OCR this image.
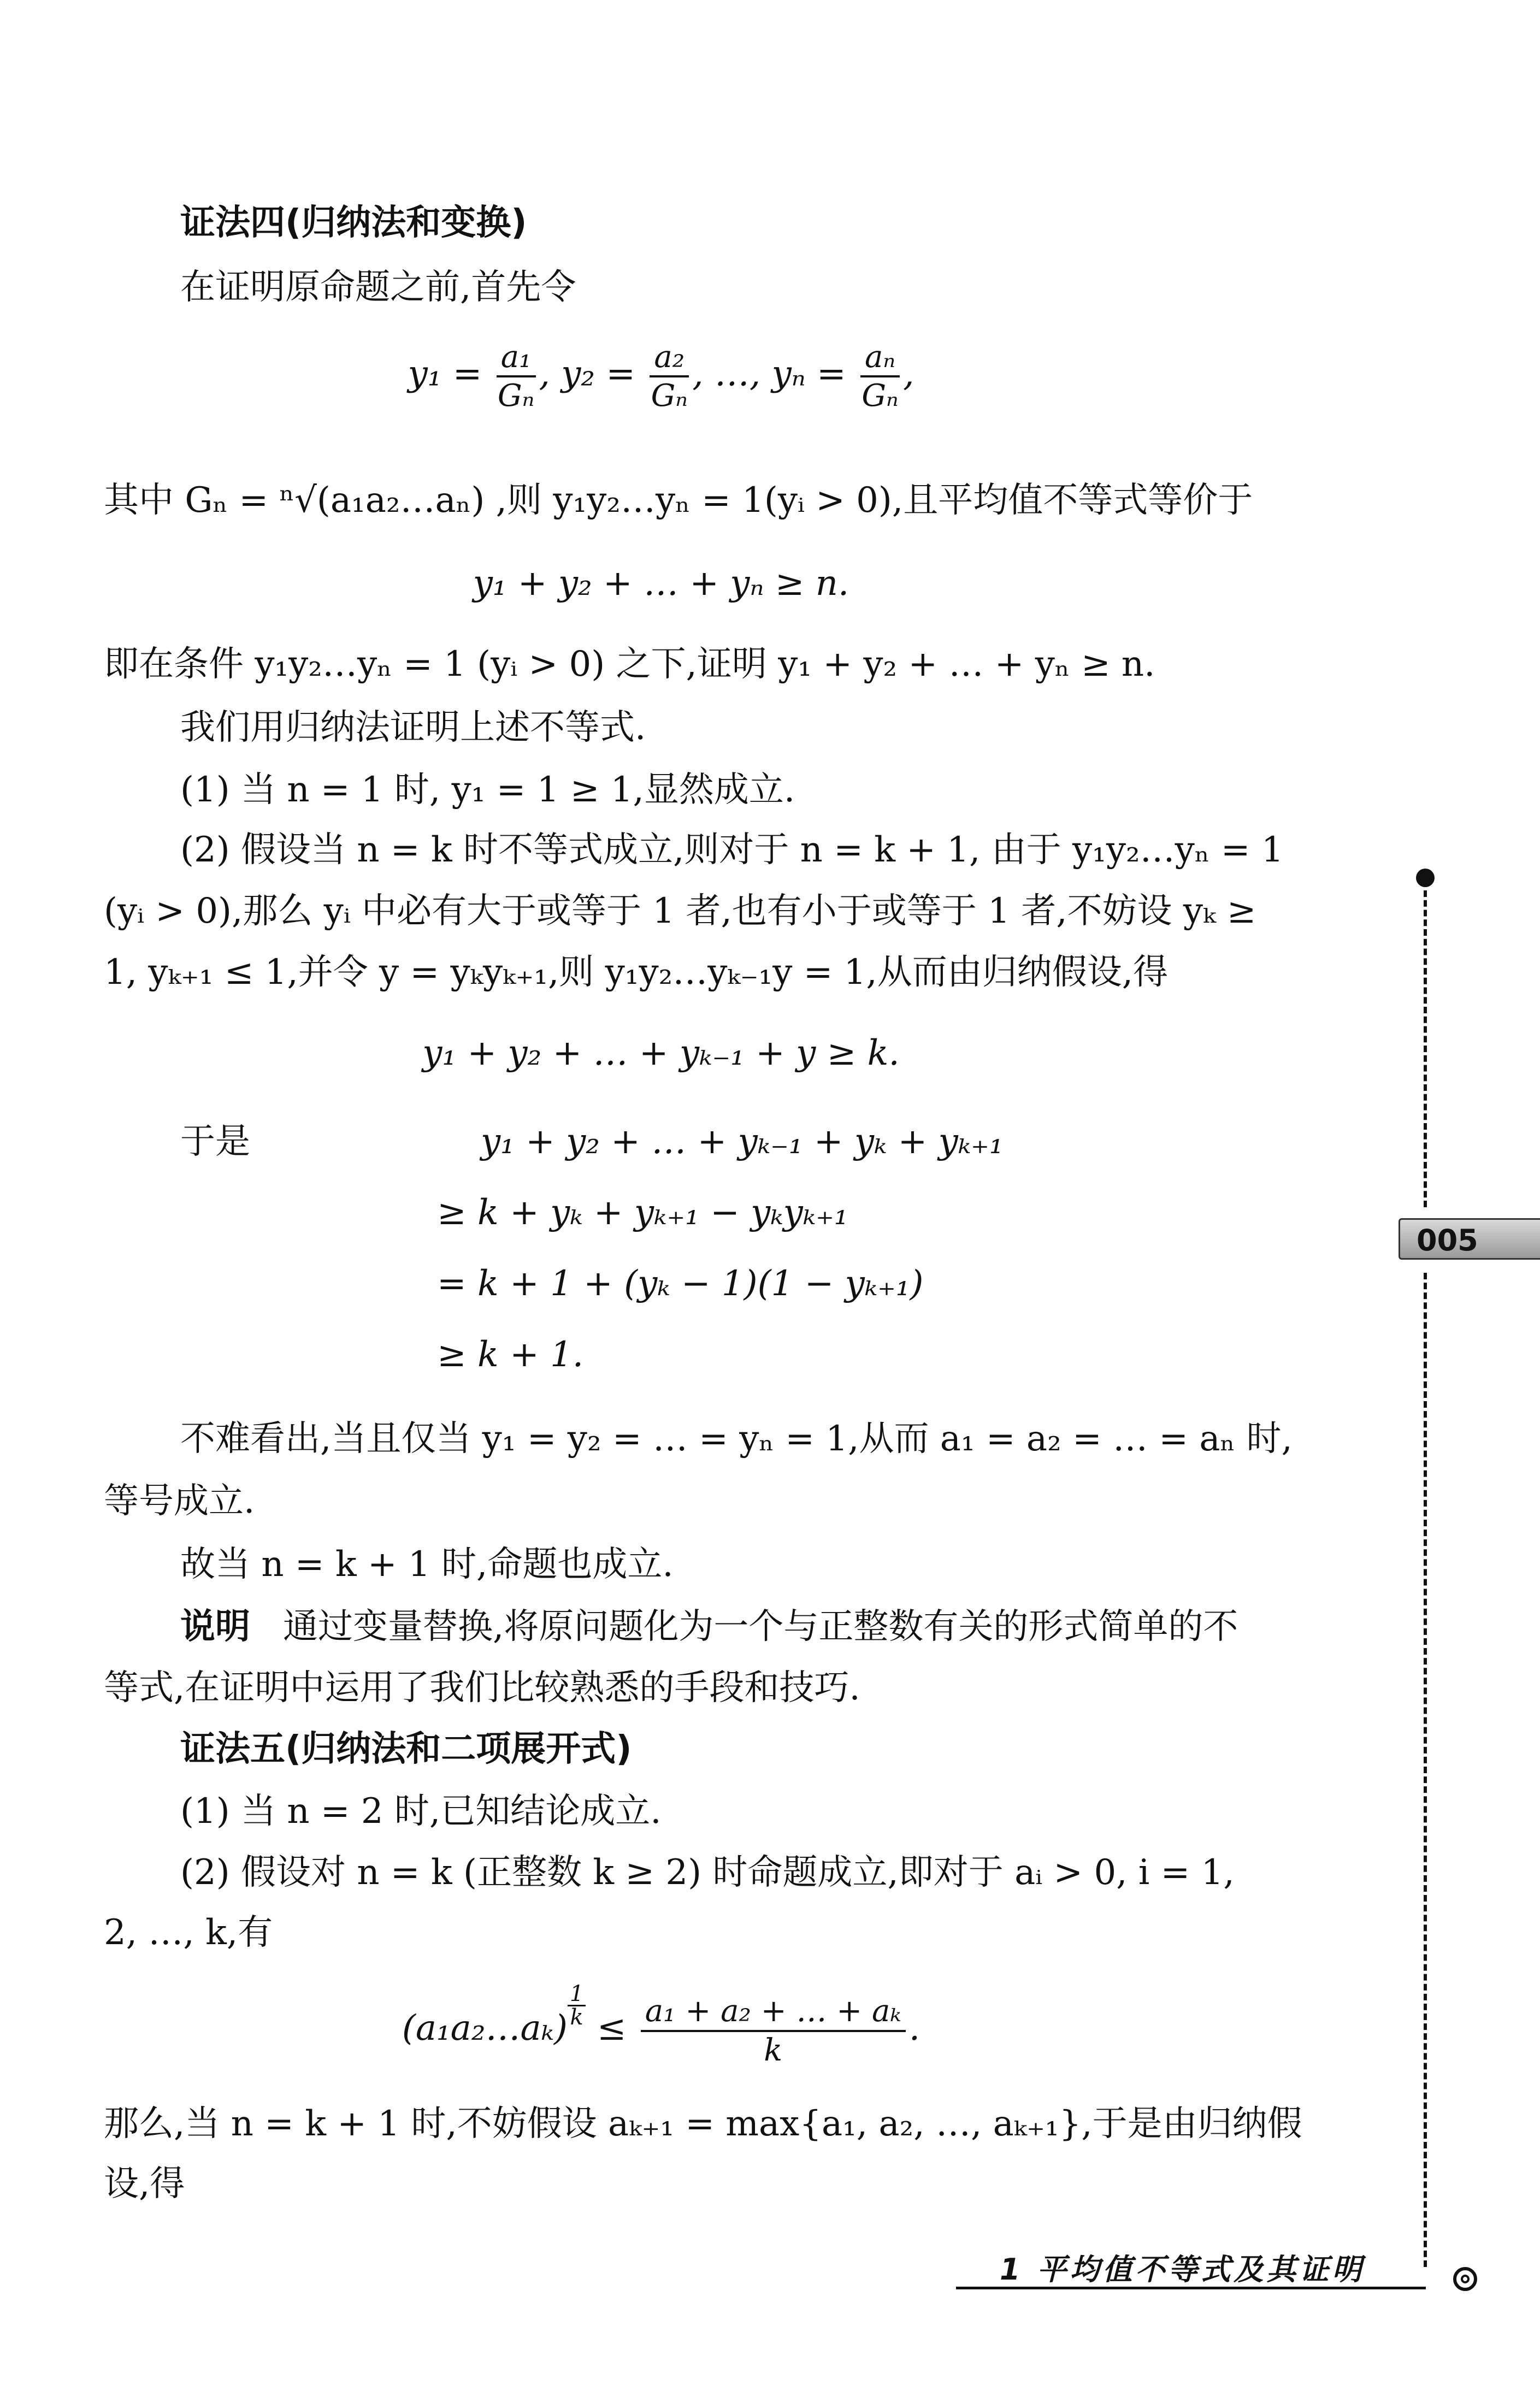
证法四(归纳法和变换)
在证明原命题之前,首先令
$y_1 = \frac{\text{a₁}}{\text{Gₙ}}$ , $y_2 = \frac{\text{a₂}}{\text{Gₙ}}$ , …, $y_n = \frac{\text{aₙ}}{\text{Gₙ}}$ ,
其中 Gₙ = ⁿ√(a₁a₂…aₙ) ,则 y₁y₂…yₙ = 1(yᵢ > 0),且平均值不等式等价于
y₁ + y₂ + … + yₙ ≥ n.
即在条件 y₁y₂…yₙ = 1 (yᵢ > 0) 之下,证明 y₁ + y₂ + … + yₙ ≥ n.
我们用归纳法证明上述不等式.
(1) 当 n = 1 时, y₁ = 1 ≥ 1,显然成立.
(2) 假设当 n = k 时不等式成立,则对于 n = k + 1, 由于 y₁y₂…yₙ = 1
(yᵢ > 0),那么 yᵢ 中必有大于或等于 1 者,也有小于或等于 1 者,不妨设 yₖ ≥
1, yₖ₊₁ ≤ 1,并令 y = yₖyₖ₊₁,则 y₁y₂…yₖ₋₁y = 1,从而由归纳假设,得
y₁ + y₂ + … + yₖ₋₁ + y ≥ k.
于是	y₁ + y₂ + … + yₖ₋₁ + yₖ + yₖ₊₁
≥ k + yₖ + yₖ₊₁ − yₖyₖ₊₁
= k + 1 + (yₖ − 1)(1 − yₖ₊₁)
≥ k + 1.
不难看出,当且仅当 y₁ = y₂ = … = yₙ = 1,从而 a₁ = a₂ = … = aₙ 时,
等号成立.
故当 n = k + 1 时,命题也成立.
说明 通过变量替换,将原问题化为一个与正整数有关的形式简单的不
等式,在证明中运用了我们比较熟悉的手段和技巧.
证法五(归纳法和二项展开式)
(1) 当 n = 2 时,已知结论成立.
(2) 假设对 n = k (正整数 k ≥ 2) 时命题成立,即对于 aᵢ > 0, i = 1,
2, …, k,有
(a₁a₂…aₖ) $\frac{1}{k} \le \frac{\text{a₁ + a₂ + … + aₖ}}{k}$ .
那么,当 n = k + 1 时,不妨假设 aₖ₊₁ = max{a₁, a₂, …, aₖ₊₁},于是由归纳假
设,得
005
1 平均值不等式及其证明
